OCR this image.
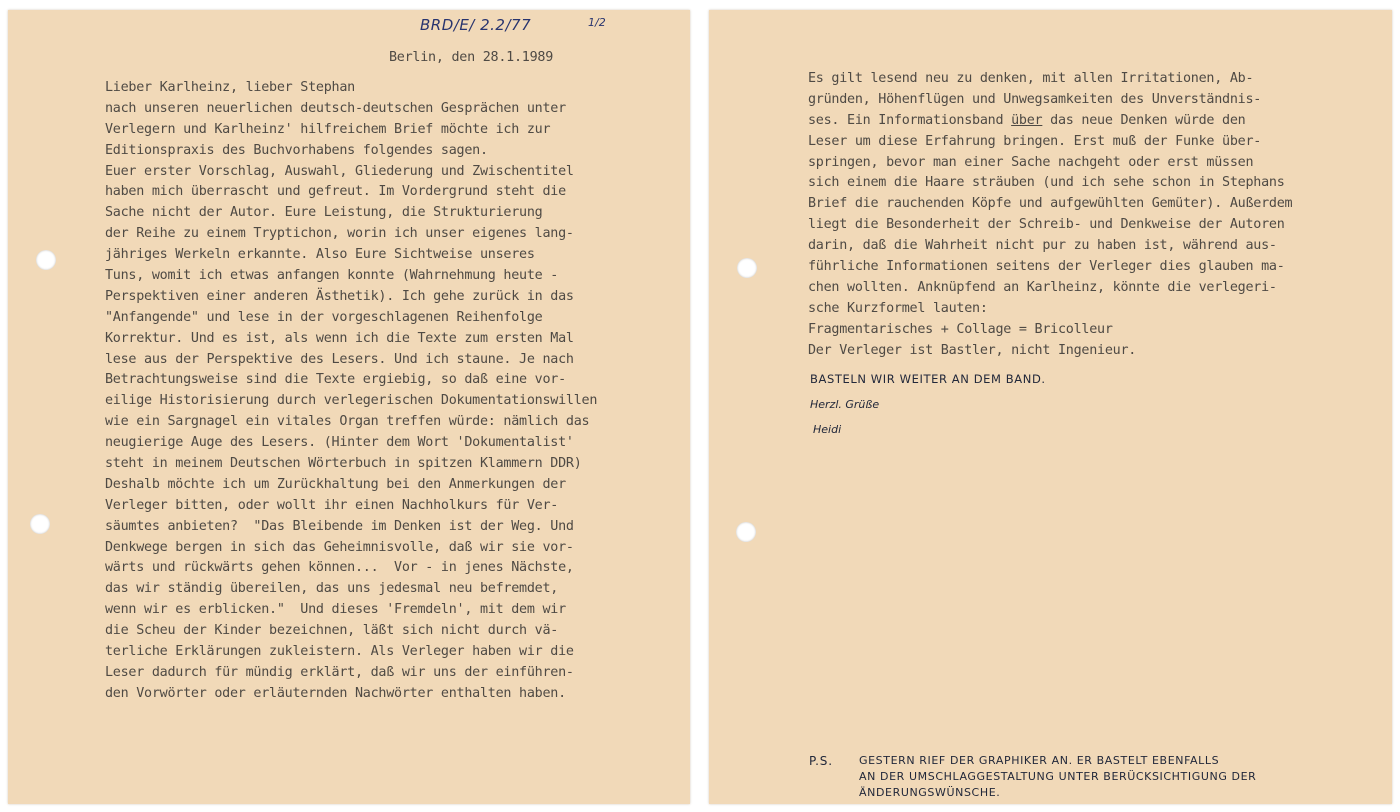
BRD/E/ 2.2/77	1/2
Berlin, den 28.1.1989
Lieber Karlheinz, lieber Stephan
nach unseren neuerlichen deutsch-deutschen Gesprächen unter
Verlegern und Karlheinz' hilfreichem Brief möchte ich zur
Editionspraxis des Buchvorhabens folgendes sagen.
Euer erster Vorschlag, Auswahl, Gliederung und Zwischentitel
haben mich überrascht und gefreut. Im Vordergrund steht die
Sache nicht der Autor. Eure Leistung, die Strukturierung
der Reihe zu einem Tryptichon, worin ich unser eigenes lang-
jähriges Werkeln erkannte. Also Eure Sichtweise unseres
Tuns, womit ich etwas anfangen konnte (Wahrnehmung heute -
Perspektiven einer anderen Ästhetik). Ich gehe zurück in das
"Anfangende" und lese in der vorgeschlagenen Reihenfolge
Korrektur. Und es ist, als wenn ich die Texte zum ersten Mal
lese aus der Perspektive des Lesers. Und ich staune. Je nach
Betrachtungsweise sind die Texte ergiebig, so daß eine vor-
eilige Historisierung durch verlegerischen Dokumentationswillen
wie ein Sargnagel ein vitales Organ treffen würde: nämlich das
neugierige Auge des Lesers. (Hinter dem Wort 'Dokumentalist'
steht in meinem Deutschen Wörterbuch in spitzen Klammern DDR)
Deshalb möchte ich um Zurückhaltung bei den Anmerkungen der
Verleger bitten, oder wollt ihr einen Nachholkurs für Ver-
säumtes anbieten?  "Das Bleibende im Denken ist der Weg. Und
Denkwege bergen in sich das Geheimnisvolle, daß wir sie vor-
wärts und rückwärts gehen können...  Vor - in jenes Nächste,
das wir ständig übereilen, das uns jedesmal neu befremdet,
wenn wir es erblicken."  Und dieses 'Fremdeln', mit dem wir
die Scheu der Kinder bezeichnen, läßt sich nicht durch vä-
terliche Erklärungen zukleistern. Als Verleger haben wir die
Leser dadurch für mündig erklärt, daß wir uns der einführen-
den Vorwörter oder erläuternden Nachwörter enthalten haben.
Es gilt lesend neu zu denken, mit allen Irritationen, Ab-
gründen, Höhenflügen und Unwegsamkeiten des Unverständnis-
ses. Ein Informationsband über das neue Denken würde den
Leser um diese Erfahrung bringen. Erst muß der Funke über-
springen, bevor man einer Sache nachgeht oder erst müssen
sich einem die Haare sträuben (und ich sehe schon in Stephans
Brief die rauchenden Köpfe und aufgewühlten Gemüter). Außerdem
liegt die Besonderheit der Schreib- und Denkweise der Autoren
darin, daß die Wahrheit nicht pur zu haben ist, während aus-
führliche Informationen seitens der Verleger dies glauben ma-
chen wollten. Anknüpfend an Karlheinz, könnte die verlegeri-
sche Kurzformel lauten:
Fragmentarisches + Collage = Bricolleur
Der Verleger ist Bastler, nicht Ingenieur.
BASTELN WIR WEITER AN DEM BAND.
Herzl. Grüße
Heidi
P.S. GESTERN RIEF DER GRAPHIKER AN. ER BASTELT EBENFALLS
AN DER UMSCHLAGGESTALTUNG UNTER BERÜCKSICHTIGUNG DER
ÄNDERUNGSWÜNSCHE.
